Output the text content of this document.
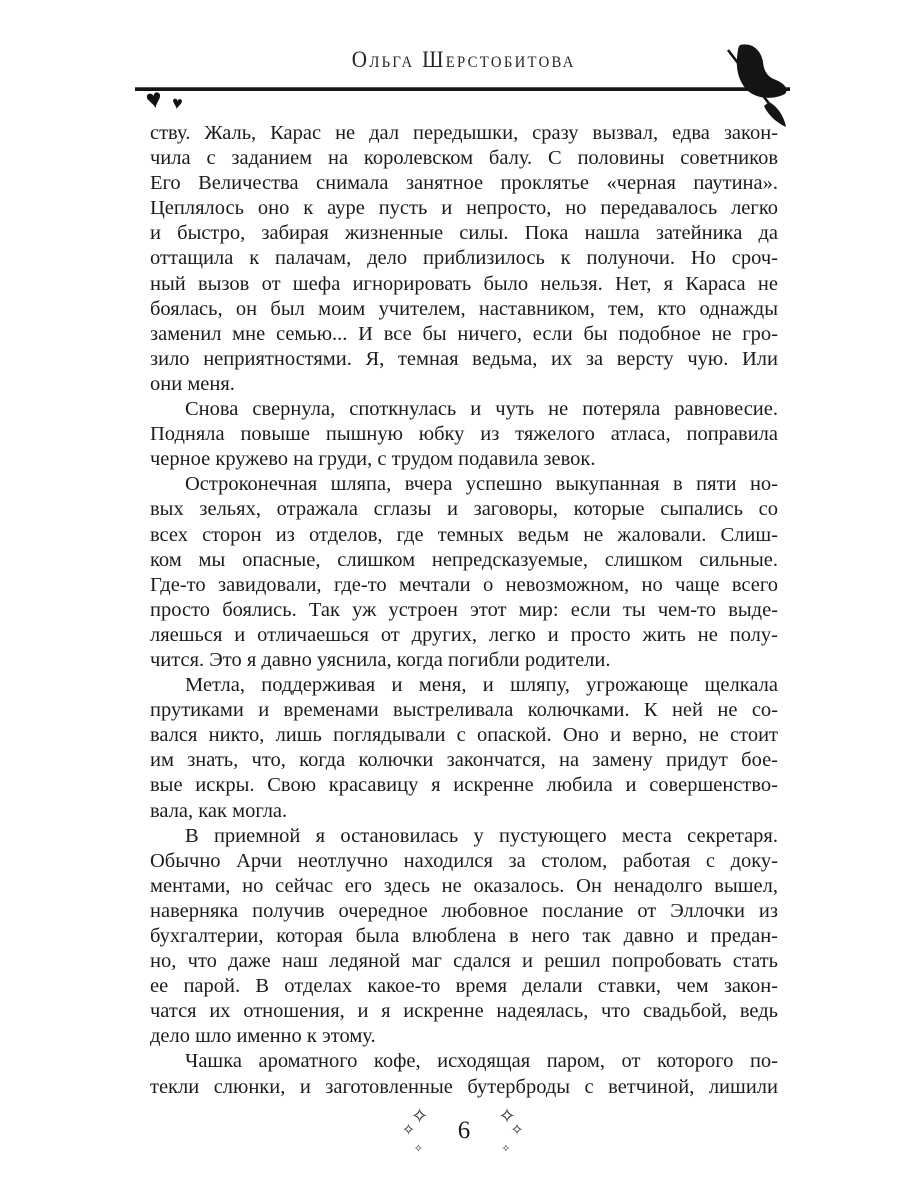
Ольга Шерстобитова
♥ ♥
ству. Жаль, Карас не дал передышки, сразу вызвал, едва закон-
чила с заданием на королевском балу. С половины советников
Его Величества снимала занятное проклятье «черная паутина».
Цеплялось оно к ауре пусть и непросто, но передавалось легко
и быстро, забирая жизненные силы. Пока нашла затейника да
оттащила к палачам, дело приблизилось к полуночи. Но сроч-
ный вызов от шефа игнорировать было нельзя. Нет, я Караса не
боялась, он был моим учителем, наставником, тем, кто однажды
заменил мне семью... И все бы ничего, если бы подобное не гро-
зило неприятностями. Я, темная ведьма, их за версту чую. Или
они меня.
Снова свернула, споткнулась и чуть не потеряла равновесие.
Подняла повыше пышную юбку из тяжелого атласа, поправила
черное кружево на груди, с трудом подавила зевок.
Остроконечная шляпа, вчера успешно выкупанная в пяти но-
вых зельях, отражала сглазы и заговоры, которые сыпались со
всех сторон из отделов, где темных ведьм не жаловали. Слиш-
ком мы опасные, слишком непредсказуемые, слишком сильные.
Где-то завидовали, где-то мечтали о невозможном, но чаще всего
просто боялись. Так уж устроен этот мир: если ты чем-то выде-
ляешься и отличаешься от других, легко и просто жить не полу-
чится. Это я давно уяснила, когда погибли родители.
Метла, поддерживая и меня, и шляпу, угрожающе щелкала
прутиками и временами выстреливала колючками. К ней не со-
вался никто, лишь поглядывали с опаской. Оно и верно, не стоит
им знать, что, когда колючки закончатся, на замену придут бое-
вые искры. Свою красавицу я искренне любила и совершенство-
вала, как могла.
В приемной я остановилась у пустующего места секретаря.
Обычно Арчи неотлучно находился за столом, работая с доку-
ментами, но сейчас его здесь не оказалось. Он ненадолго вышел,
наверняка получив очередное любовное послание от Эллочки из
бухгалтерии, которая была влюблена в него так давно и предан-
но, что даже наш ледяной маг сдался и решил попробовать стать
ее парой. В отделах какое-то время делали ставки, чем закон-
чатся их отношения, и я искренне надеялась, что свадьбой, ведь
дело шло именно к этому.
Чашка ароматного кофе, исходящая паром, от которого по-
текли слюнки, и заготовленные бутерброды с ветчиной, лишили
✧
✧
✧
6
✧
✧
✧
